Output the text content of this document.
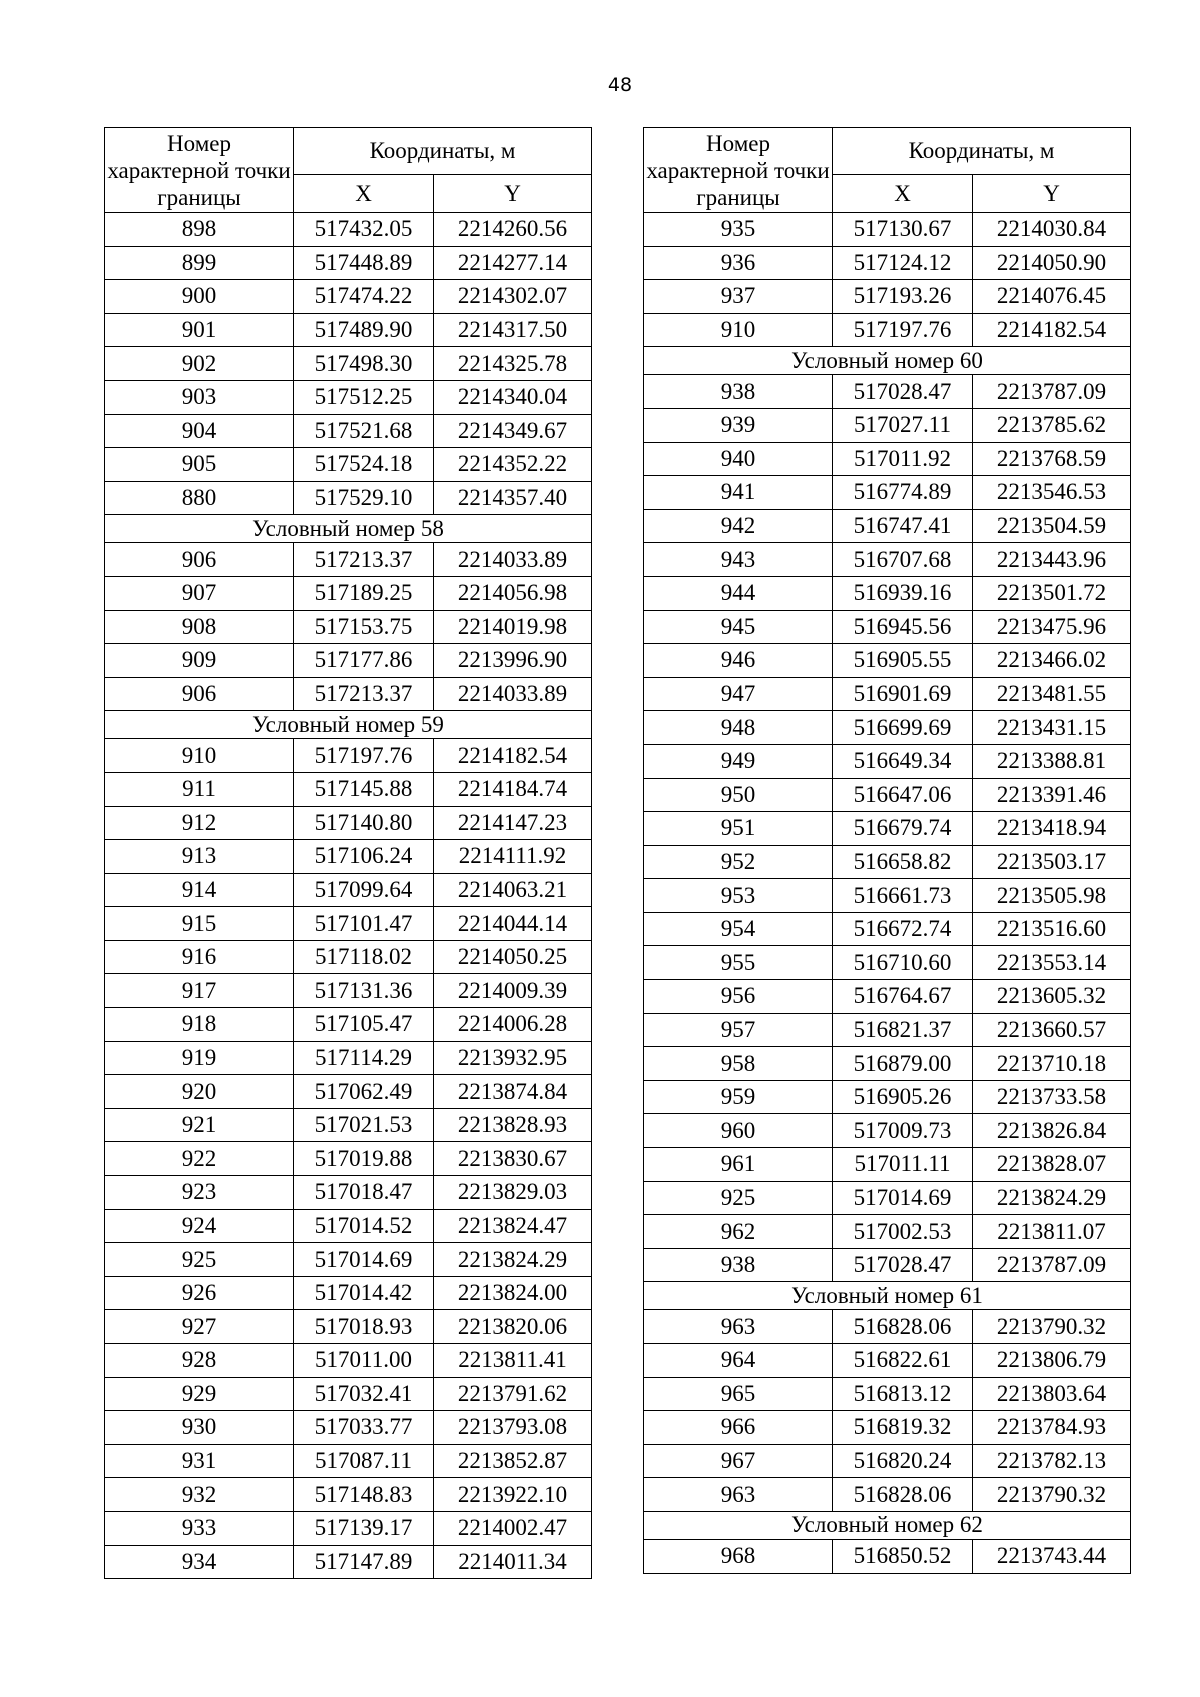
48
Номер характерной точки границы	Координаты, м	
	X	Y
898	517432.05	2214260.56
899	517448.89	2214277.14
900	517474.22	2214302.07
901	517489.90	2214317.50
902	517498.30	2214325.78
903	517512.25	2214340.04
904	517521.68	2214349.67
905	517524.18	2214352.22
880	517529.10	2214357.40
Условный номер 58		
906	517213.37	2214033.89
907	517189.25	2214056.98
908	517153.75	2214019.98
909	517177.86	2213996.90
906	517213.37	2214033.89
Условный номер 59		
910	517197.76	2214182.54
911	517145.88	2214184.74
912	517140.80	2214147.23
913	517106.24	2214111.92
914	517099.64	2214063.21
915	517101.47	2214044.14
916	517118.02	2214050.25
917	517131.36	2214009.39
918	517105.47	2214006.28
919	517114.29	2213932.95
920	517062.49	2213874.84
921	517021.53	2213828.93
922	517019.88	2213830.67
923	517018.47	2213829.03
924	517014.52	2213824.47
925	517014.69	2213824.29
926	517014.42	2213824.00
927	517018.93	2213820.06
928	517011.00	2213811.41
929	517032.41	2213791.62
930	517033.77	2213793.08
931	517087.11	2213852.87
932	517148.83	2213922.10
933	517139.17	2214002.47
934	517147.89	2214011.34
Номер характерной точки границы	Координаты, м	
	X	Y
935	517130.67	2214030.84
936	517124.12	2214050.90
937	517193.26	2214076.45
910	517197.76	2214182.54
Условный номер 60		
938	517028.47	2213787.09
939	517027.11	2213785.62
940	517011.92	2213768.59
941	516774.89	2213546.53
942	516747.41	2213504.59
943	516707.68	2213443.96
944	516939.16	2213501.72
945	516945.56	2213475.96
946	516905.55	2213466.02
947	516901.69	2213481.55
948	516699.69	2213431.15
949	516649.34	2213388.81
950	516647.06	2213391.46
951	516679.74	2213418.94
952	516658.82	2213503.17
953	516661.73	2213505.98
954	516672.74	2213516.60
955	516710.60	2213553.14
956	516764.67	2213605.32
957	516821.37	2213660.57
958	516879.00	2213710.18
959	516905.26	2213733.58
960	517009.73	2213826.84
961	517011.11	2213828.07
925	517014.69	2213824.29
962	517002.53	2213811.07
938	517028.47	2213787.09
Условный номер 61		
963	516828.06	2213790.32
964	516822.61	2213806.79
965	516813.12	2213803.64
966	516819.32	2213784.93
967	516820.24	2213782.13
963	516828.06	2213790.32
Условный номер 62		
968	516850.52	2213743.44
